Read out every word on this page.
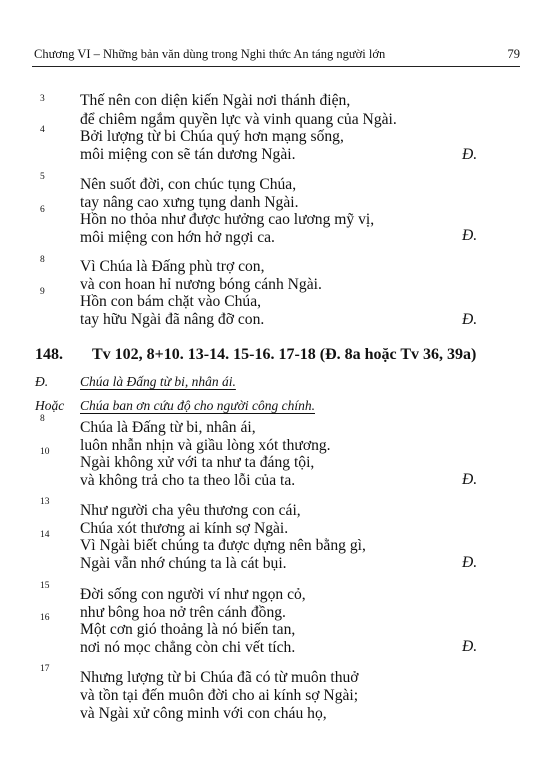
Chương VI – Những bản văn dùng trong Nghi thức An táng người lớn	79
3 Thế nên con diện kiến Ngài nơi thánh điện,
để chiêm ngắm quyền lực và vinh quang của Ngài.
4 Bởi lượng từ bi Chúa quý hơn mạng sống,
môi miệng con sẽ tán dương Ngài.	Đ.
5 Nên suốt đời, con chúc tụng Chúa,
tay nâng cao xưng tụng danh Ngài.
6
Hồn no thỏa như được hưởng cao lương mỹ vị,
môi miệng con hớn hở ngợi ca.	Đ.
8 Vì Chúa là Đấng phù trợ con,
và con hoan hỉ nương bóng cánh Ngài.
9
Hồn con bám chặt vào Chúa,
tay hữu Ngài đã nâng đỡ con.	Đ.
148. Tv 102, 8+10. 13-14. 15-16. 17-18 (Đ. 8a hoặc Tv 36, 39a)
Đ. Chúa là Đấng từ bi, nhân ái.
Hoặc Chúa ban ơn cứu độ cho người công chính.
8 Chúa là Đấng từ bi, nhân ái,
luôn nhẫn nhịn và giầu lòng xót thương.
10
Ngài không xử với ta như ta đáng tội,
và không trả cho ta theo lỗi của ta.	Đ.
13 Như người cha yêu thương con cái,
Chúa xót thương ai kính sợ Ngài.
14
Vì Ngài biết chúng ta được dựng nên bằng gì,
Ngài vẫn nhớ chúng ta là cát bụi.	Đ.
15 Đời sống con người ví như ngọn cỏ,
như bông hoa nở trên cánh đồng.
16
Một cơn gió thoảng là nó biến tan,
nơi nó mọc chẳng còn chi vết tích.	Đ.
17 Nhưng lượng từ bi Chúa đã có từ muôn thuở
và tồn tại đến muôn đời cho ai kính sợ Ngài;
và Ngài xử công minh với con cháu họ,
